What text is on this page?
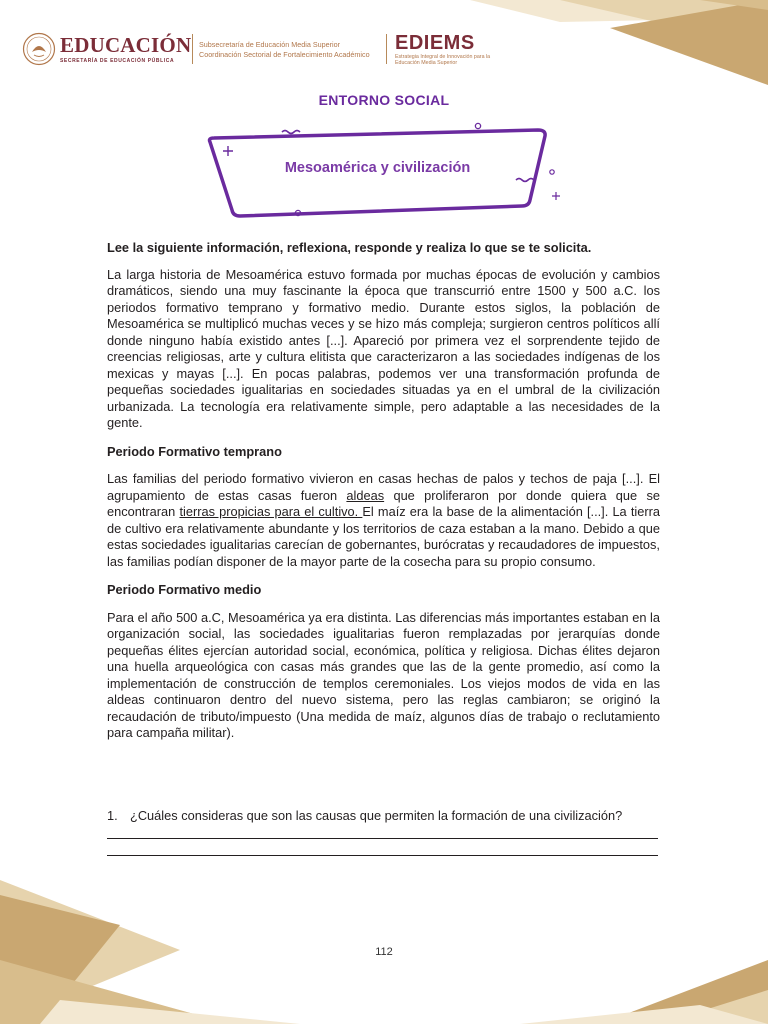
EDUCACIÓN
SECRETARÍA DE EDUCACIÓN PÚBLICA
Subsecretaría de Educación Media Superior
Coordinación Sectorial de Fortalecimiento Académico
EDIEMS
Estrategia Integral de Innovación para la
Educación Media Superior
ENTORNO SOCIAL
Mesoamérica y civilización

Lee la siguiente información, reflexiona, responde y realiza lo que se te solicita.

La larga historia de Mesoamérica estuvo formada por muchas épocas de evolución y cambios dramáticos, siendo una muy fascinante la época que transcurrió entre 1500 y 500 a.C. los periodos formativo temprano y formativo medio. Durante estos siglos, la población de Mesoamérica se multiplicó muchas veces y se hizo más compleja; surgieron centros políticos allí donde ninguno había existido antes [...]. Apareció por primera vez el sorprendente tejido de creencias religiosas, arte y cultura elitista que caracterizaron a las sociedades indígenas de los mexicas y mayas [...]. En pocas palabras, podemos ver una transformación profunda de pequeñas sociedades igualitarias en sociedades situadas ya en el umbral de la civilización urbanizada. La tecnología era relativamente simple, pero adaptable a las necesidades de la gente.

Periodo Formativo temprano

Las familias del periodo formativo vivieron en casas hechas de palos y techos de paja [...]. El agrupamiento de estas casas fueron aldeas que proliferaron por donde quiera que se encontraran tierras propicias para el cultivo. El maíz era la base de la alimentación [...]. La tierra de cultivo era relativamente abundante y los territorios de caza estaban a la mano. Debido a que estas sociedades igualitarias carecían de gobernantes, burócratas y recaudadores de impuestos, las familias podían disponer de la mayor parte de la cosecha para su propio consumo.

Periodo Formativo medio

Para el año 500 a.C, Mesoamérica ya era distinta. Las diferencias más importantes estaban en la organización social, las sociedades igualitarias fueron remplazadas por jerarquías donde pequeñas élites ejercían autoridad social, económica, política y religiosa. Dichas élites dejaron una huella arqueológica con casas más grandes que las de la gente promedio, así como la implementación de construcción de templos ceremoniales. Los viejos modos de vida en las aldeas continuaron dentro del nuevo sistema, pero las reglas cambiaron; se originó la recaudación de tributo/impuesto (Una medida de maíz, algunos días de trabajo o reclutamiento para campaña militar).

1. ¿Cuáles consideras que son las causas que permiten la formación de una civilización?
112
